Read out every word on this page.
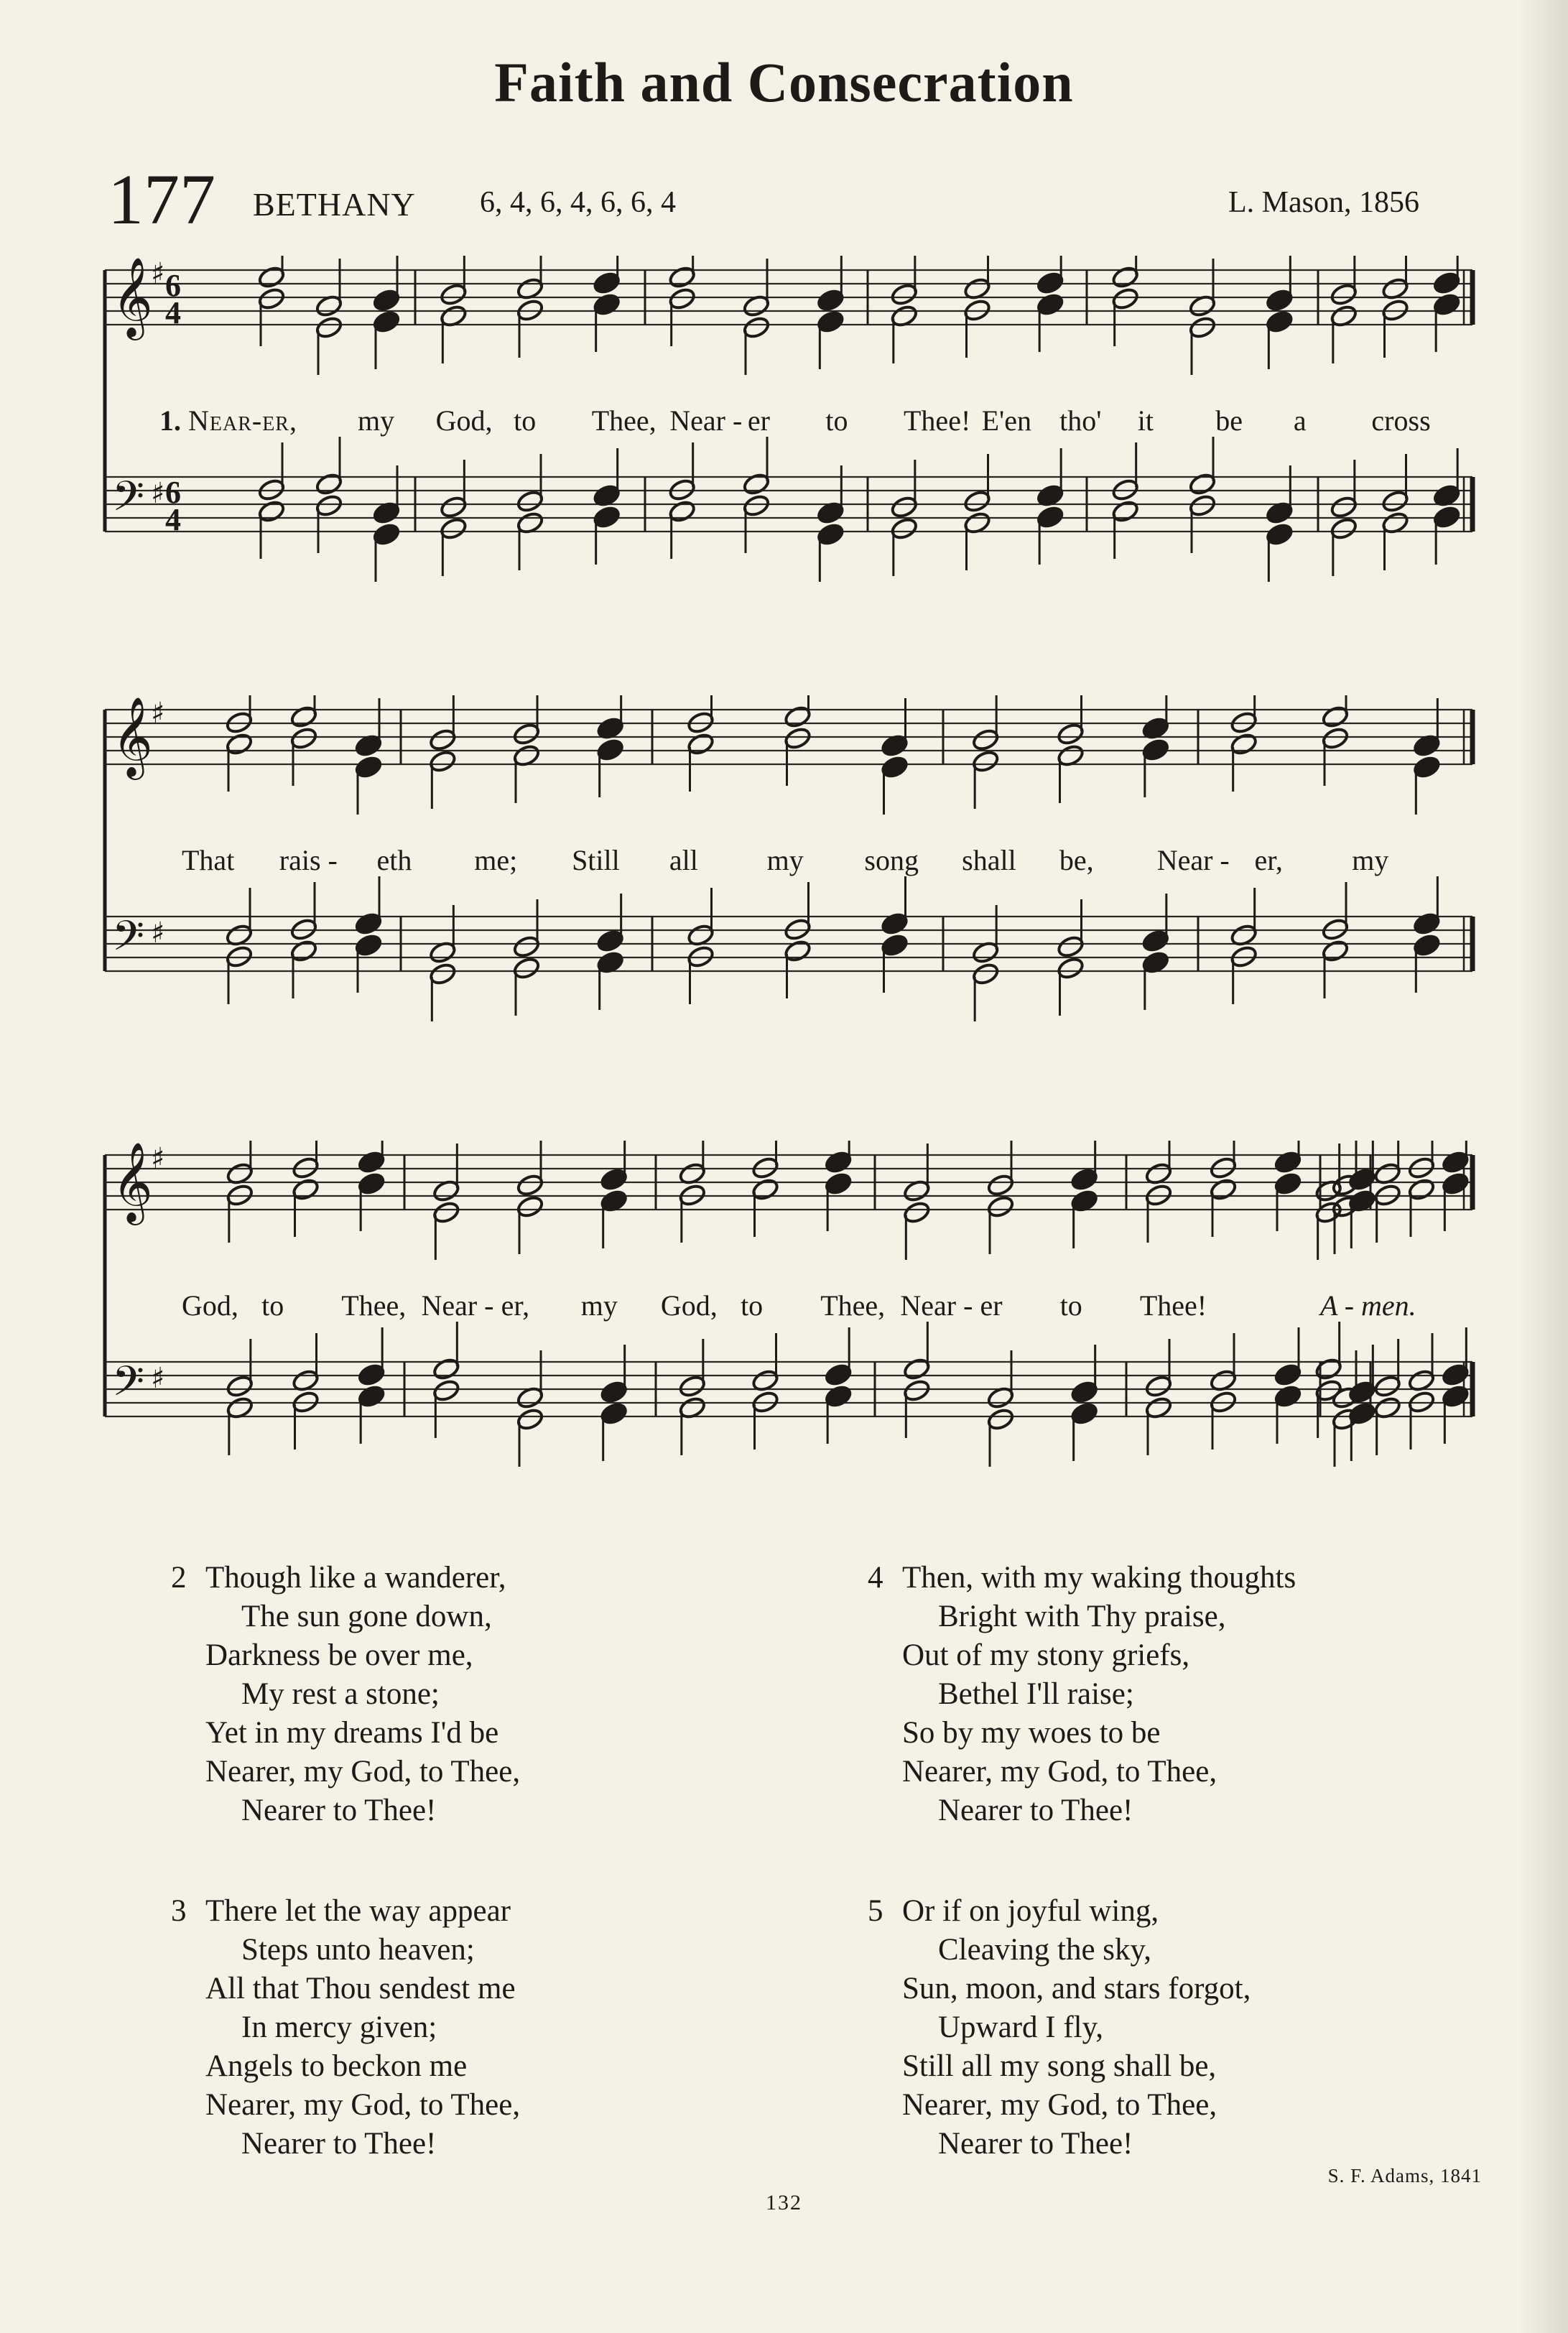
Faith and Consecration
177 BETHANY 6, 4, 6, 4, 6, 6, 4	L. Mason, 1856
𝄞
♯ 6
4
𝄢 ♯ 6
4
1. Near-er, my God, to Thee, Near - er to Thee! E'en tho' it be a cross
𝄞
♯
𝄢 ♯
That rais - eth me; Still all my song shall be, Near - er, my
𝄞
♯
𝄢 ♯
God, to Thee, Near - er, my God, to Thee, Near - er to Thee!	A - men.
2 Though like a wanderer,
The sun gone down,
Darkness be over me,
My rest a stone;
Yet in my dreams I'd be
Nearer, my God, to Thee,
Nearer to Thee!
3 There let the way appear
Steps unto heaven;
All that Thou sendest me
In mercy given;
Angels to beckon me
Nearer, my God, to Thee,
Nearer to Thee!
4 Then, with my waking thoughts
Bright with Thy praise,
Out of my stony griefs,
Bethel I'll raise;
So by my woes to be
Nearer, my God, to Thee,
Nearer to Thee!
5 Or if on joyful wing,
Cleaving the sky,
Sun, moon, and stars forgot,
Upward I fly,
Still all my song shall be,
Nearer, my God, to Thee,
Nearer to Thee!
S. F. Adams, 1841
132
